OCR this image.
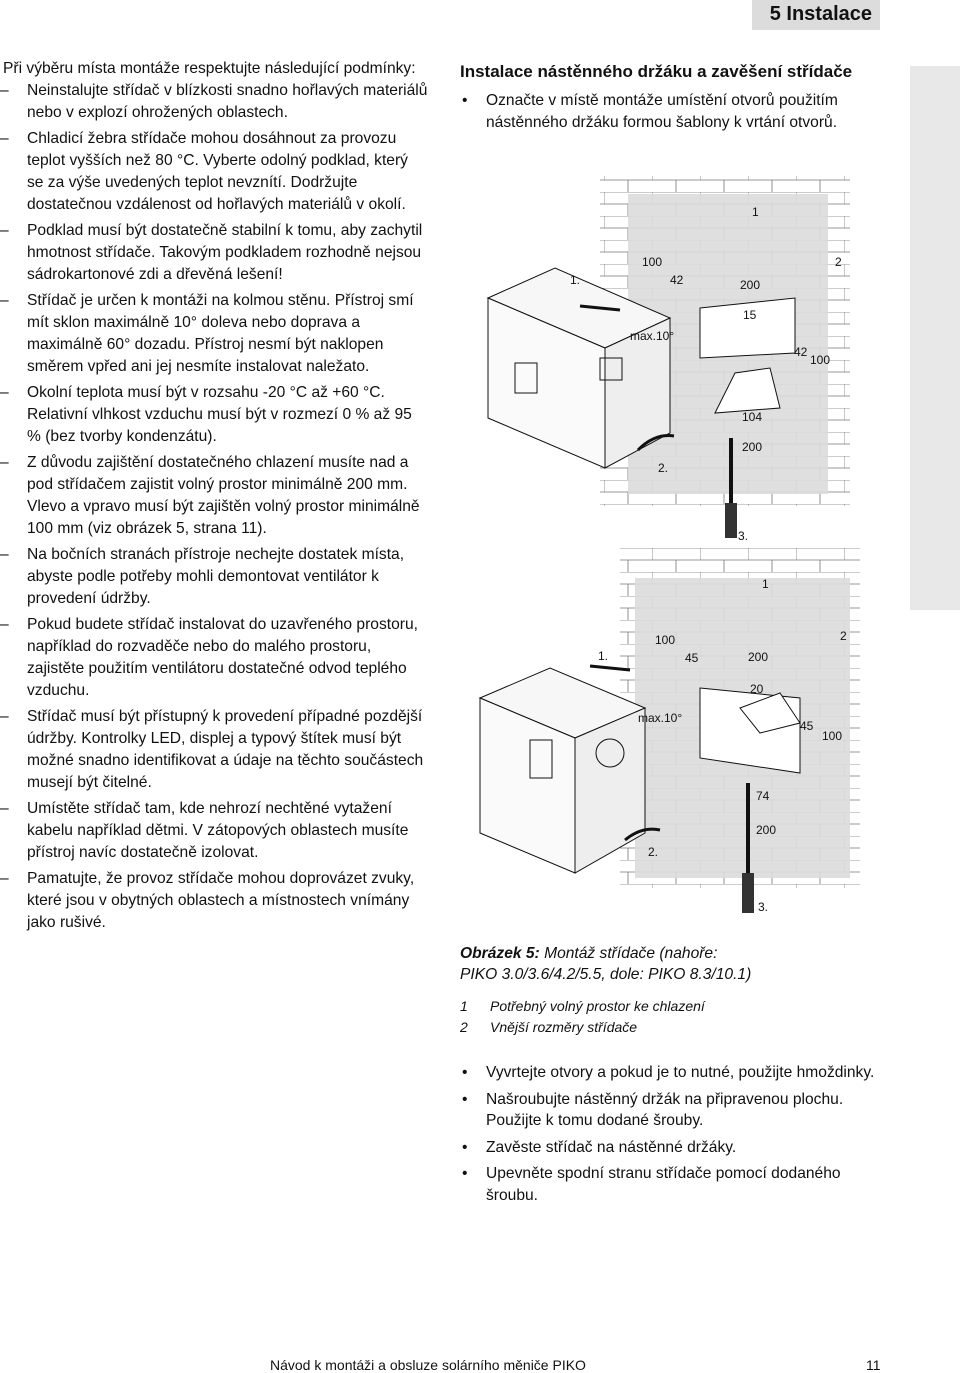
5 Instalace

Při výběru místa montáže respektujte následující podmínky:

– Neinstalujte střídač v blízkosti snadno hořlavých materiálů nebo v explozí ohrožených oblastech.
– Chladicí žebra střídače mohou dosáhnout za provozu teplot vyšších než 80 °C. Vyberte odolný podklad, který se za výše uvedených teplot nevznítí. Dodržujte dostatečnou vzdálenost od hořlavých materiálů v okolí.
– Podklad musí být dostatečně stabilní k tomu, aby zachytil hmotnost střídače. Takovým podkladem rozhodně nejsou sádrokartonové zdi a dřevěná lešení!
– Střídač je určen k montáži na kolmou stěnu. Přístroj smí mít sklon maximálně 10° doleva nebo doprava a maximálně 60° dozadu. Přístroj nesmí být naklopen směrem vpřed ani jej nesmíte instalovat naležato.
– Okolní teplota musí být v rozsahu -20 °C až +60 °C. Relativní vlhkost vzduchu musí být v rozmezí 0 % až 95 % (bez tvorby kondenzátu).
– Z důvodu zajištění dostatečného chlazení musíte nad a pod střídačem zajistit volný prostor minimálně 200 mm. Vlevo a vpravo musí být zajištěn volný prostor minimálně 100 mm (viz obrázek 5, strana 11).
– Na bočních stranách přístroje nechejte dostatek místa, abyste podle potřeby mohli demontovat ventilátor k provedení údržby.
– Pokud budete střídač instalovat do uzavřeného prostoru, například do rozvaděče nebo do malého prostoru, zajistěte použitím ventilátoru dostatečné odvod teplého vzduchu.
– Střídač musí být přístupný k provedení případné pozdější údržby. Kontrolky LED, displej a typový štítek musí být možné snadno identifikovat a údaje na těchto součástech musejí být čitelné.
– Umístěte střídač tam, kde nehrozí nechtěné vytažení kabelu například dětmi. V zátopových oblastech musíte přístroj navíc dostatečně izolovat.
– Pamatujte, že provoz střídače mohou doprovázet zvuky, které jsou v obytných oblastech a místnostech vnímány jako rušivé.
Instalace nástěnného držáku a zavěšení střídače
• Označte v místě montáže umístění otvorů použitím nástěnného držáku formou šablony k vrtání otvorů.
1
2
1.
2.
3.
100
42	200
15
max.10°
42
100
104
200
1
2
1.
2.
3.
100
45	200
20
max.10°
45
100
74
200
Obrázek 5: Montáž střídače (nahoře:
PIKO 3.0/3.6/4.2/5.5, dole: PIKO 8.3/10.1)
1 Potřebný volný prostor ke chlazení
2 Vnější rozměry střídače
• Vyvrtejte otvory a pokud je to nutné, použijte hmoždinky.
• Našroubujte nástěnný držák na připravenou plochu. Použijte k tomu dodané šrouby.
• Zavěste střídač na nástěnné držáky.
• Upevněte spodní stranu střídače pomocí dodaného šroubu.
Návod k montáži a obsluze solárního měniče PIKO	11
